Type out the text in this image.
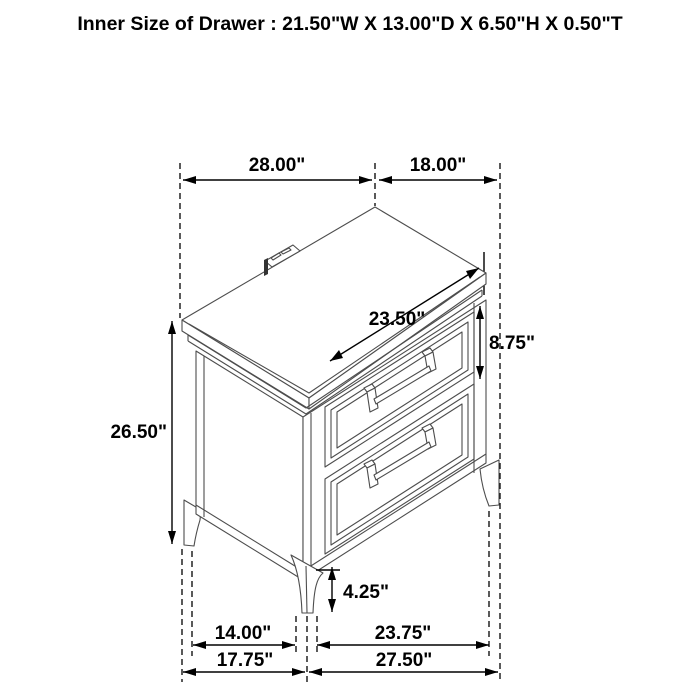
Inner Size of Drawer : 21.50"W X 13.00"D X 6.50"H X 0.50"T
28.00"	18.00"
23.50"
8.75"
26.50"
4.25"
14.00"	23.75"
17.75"	27.50"
